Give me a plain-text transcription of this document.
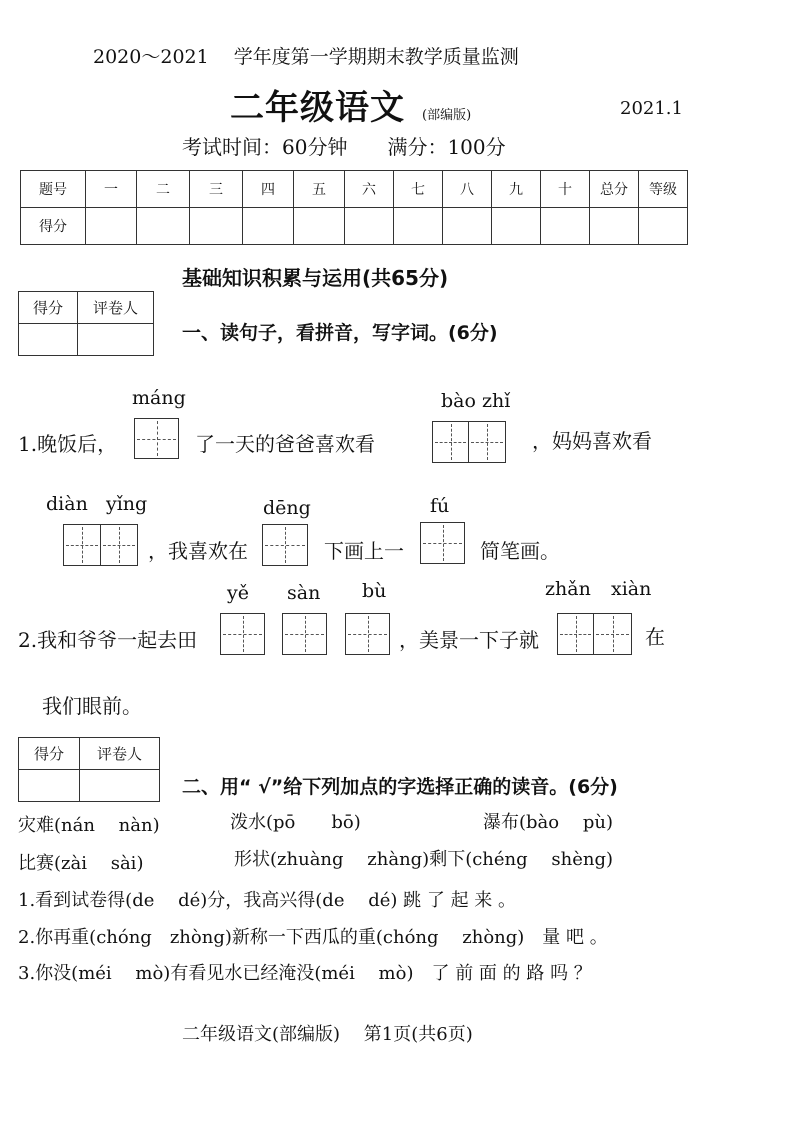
2020～2021　 学年度第一学期期末教学质量监测
二年级语文 (部编版)	2021.1
考试时间：60分钟　　满分：100分
题号	一	二	三	四	五	六	七	八	九	十	总分	等级
得分												
基础知识积累与运用(共65分)
得分	评卷人

一、读句子，看拼音，写字词。(6分)
máng	bào zhǐ
1.晚饭后，	了一天的爸爸喜欢看	，妈妈喜欢看
diàn yǐng	dēng	fú
，我喜欢在	下画上一	简笔画。
yě sàn bù	zhǎn xiàn
2.我和爷爷一起去田	，美景一下子就	在
我们眼前。
得分	评卷人

二、用“ √”给下列加点的字选择正确的读音。(6分)
灾难(nán　 nàn)	泼水(pō　　bō)	瀑布(bào　 pù)
比赛(zài　 sài)	形状(zhuàng　 zhàng)剩下(chéng　 shèng)
1.看到试卷得(de　 dé)分，我高兴得(de　 dé) 跳 了 起 来 。
2.你再重(chóng　zhòng)新称一下西瓜的重(chóng　 zhòng)　量 吧 。
3.你没(méi　 mò)有看见水已经淹没(méi　 mò)　了 前 面 的 路 吗 ？
二年级语文(部编版)　 第1页(共6页)
